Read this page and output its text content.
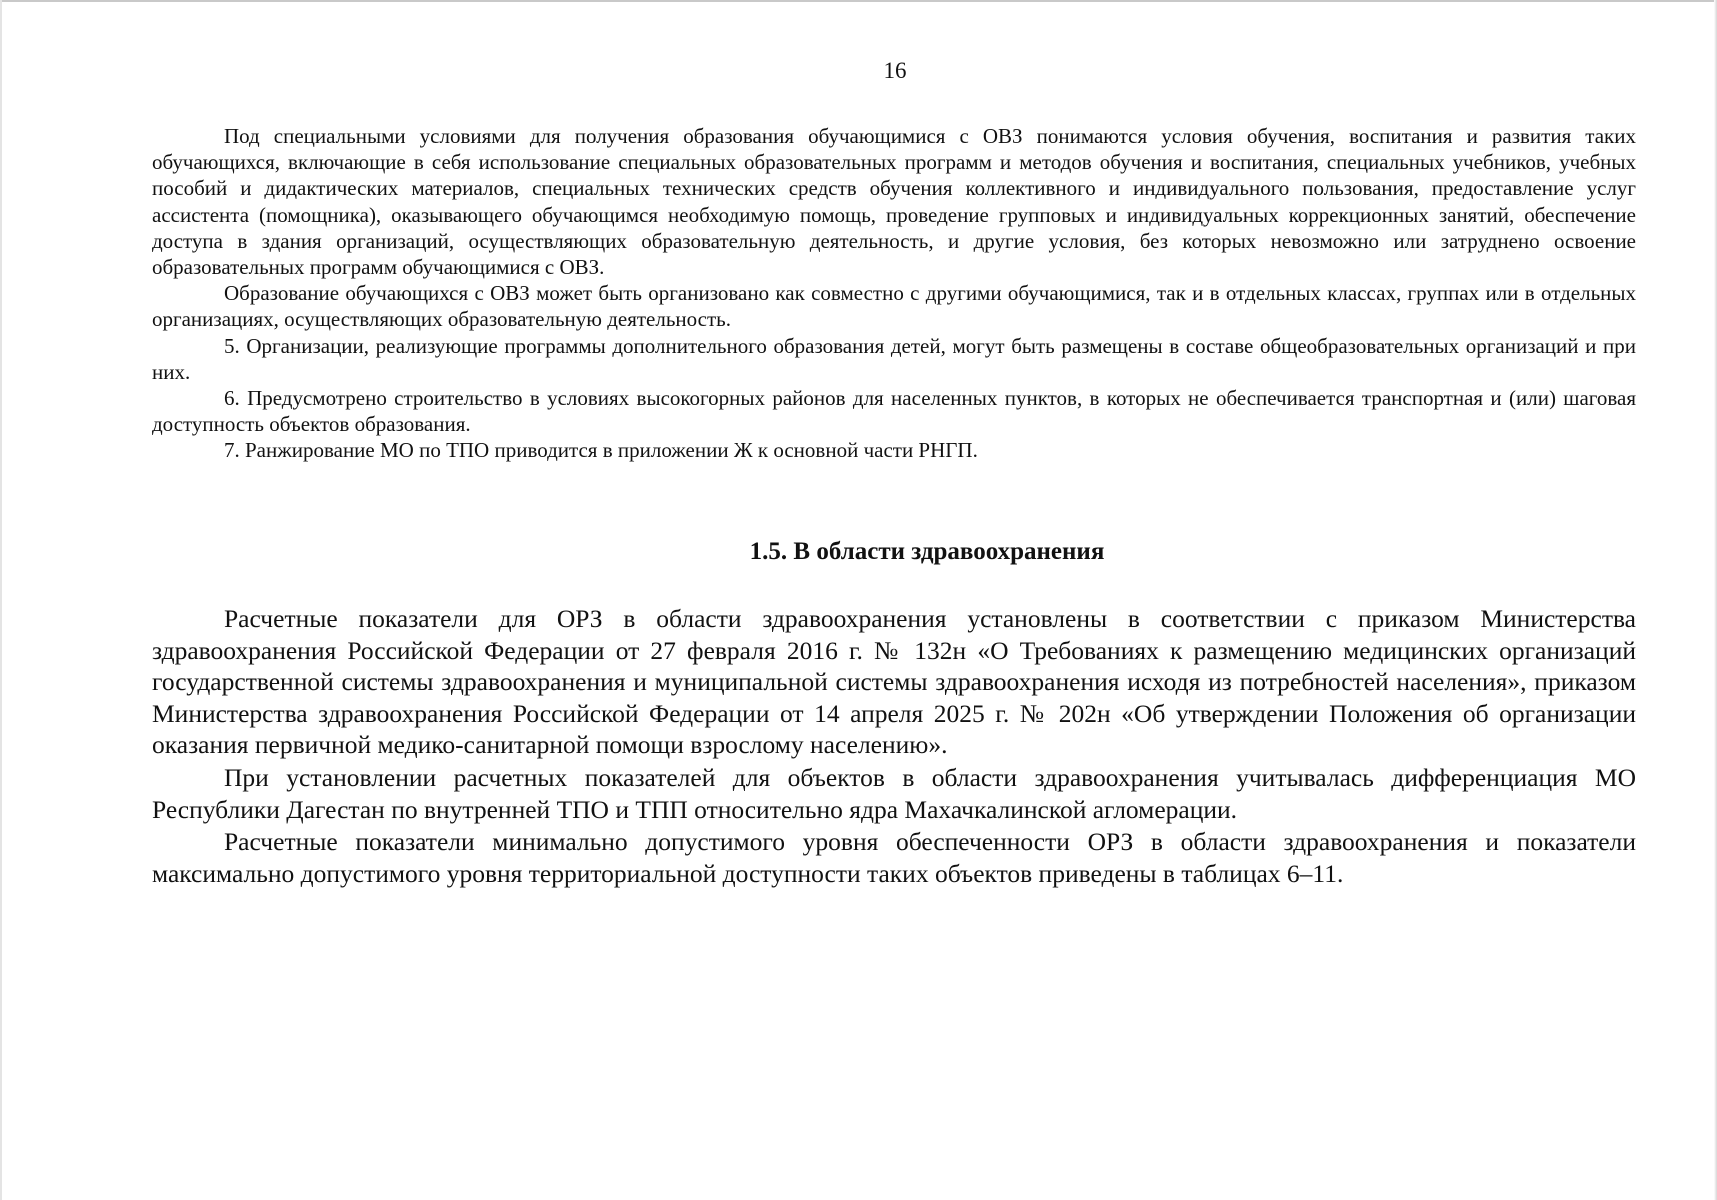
16

Под специальными условиями для получения образования обучающимися с ОВЗ понимаются условия обучения, воспитания и развития таких обучающихся, включающие в себя использование специальных образовательных программ и методов обучения и воспитания, специальных учебников, учебных пособий и дидактических материалов, специальных технических средств обучения коллективного и индивидуального пользования, предоставление услуг ассистента (помощника), оказывающего обучающимся необходимую помощь, проведение групповых и индивидуальных коррекционных занятий, обеспечение доступа в здания организаций, осуществляющих образовательную деятельность, и другие условия, без которых невозможно или затруднено освоение образовательных программ обучающимися с ОВЗ.

Образование обучающихся с ОВЗ может быть организовано как совместно с другими обучающимися, так и в отдельных классах, группах или в отдельных организациях, осуществляющих образовательную деятельность.

5. Организации, реализующие программы дополнительного образования детей, могут быть размещены в составе общеобразовательных организаций и при них.

6. Предусмотрено строительство в условиях высокогорных районов для населенных пунктов, в которых не обеспечивается транспортная и (или) шаговая доступность объектов образования.

7. Ранжирование МО по ТПО приводится в приложении Ж к основной части РНГП.

1.5. В области здравоохранения

Расчетные показатели для ОРЗ в области здравоохранения установлены в соответствии с приказом Министерства здравоохранения Российской Федерации от 27 февраля 2016 г. № 132н «О Требованиях к размещению медицинских организаций государственной системы здравоохранения и муниципальной системы здравоохранения исходя из потребностей населения», приказом Министерства здравоохранения Российской Федерации от 14 апреля 2025 г. № 202н «Об утверждении Положения об организации оказания первичной медико-санитарной помощи взрослому населению».

При установлении расчетных показателей для объектов в области здравоохранения учитывалась дифференциация МО Республики Дагестан по внутренней ТПО и ТПП относительно ядра Махачкалинской агломерации.

Расчетные показатели минимально допустимого уровня обеспеченности ОРЗ в области здравоохранения и показатели максимально допустимого уровня территориальной доступности таких объектов приведены в таблицах 6–11.
